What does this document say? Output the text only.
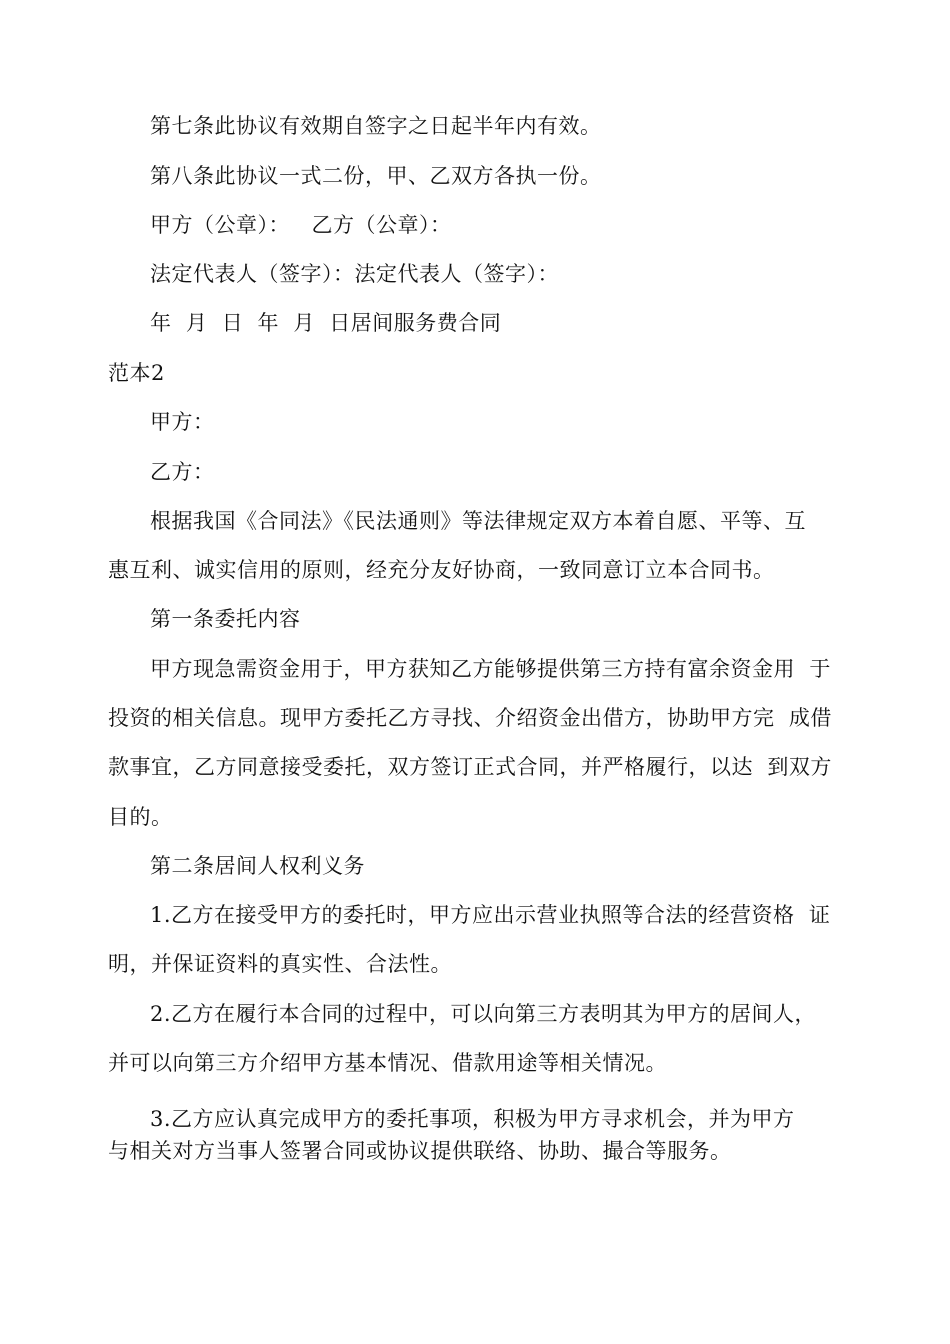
第七条此协议有效期自签字之日起半年内有效。
第八条此协议一式二份，甲、乙双方各执一份。
甲方（公章）：   乙方（公章）：
法定代表人（签字）：法定代表人（签字）：
年  月  日  年  月  日居间服务费合同
范本2
甲方：
乙方：
根据我国《合同法》《民法通则》等法律规定双方本着自愿、平等、互
惠互利、诚实信用的原则，经充分友好协商，一致同意订立本合同书。
第一条委托内容
甲方现急需资金用于，甲方获知乙方能够提供第三方持有富余资金用  于
投资的相关信息。现甲方委托乙方寻找、介绍资金出借方，协助甲方完  成借
款事宜，乙方同意接受委托，双方签订正式合同，并严格履行，以达  到双方
目的。
第二条居间人权利义务
1.乙方在接受甲方的委托时，甲方应出示营业执照等合法的经营资格  证
明，并保证资料的真实性、合法性。
2.乙方在履行本合同的过程中，可以向第三方表明其为甲方的居间人，
并可以向第三方介绍甲方基本情况、借款用途等相关情况。
3.乙方应认真完成甲方的委托事项，积极为甲方寻求机会，并为甲方
与相关对方当事人签署合同或协议提供联络、协助、撮合等服务。
